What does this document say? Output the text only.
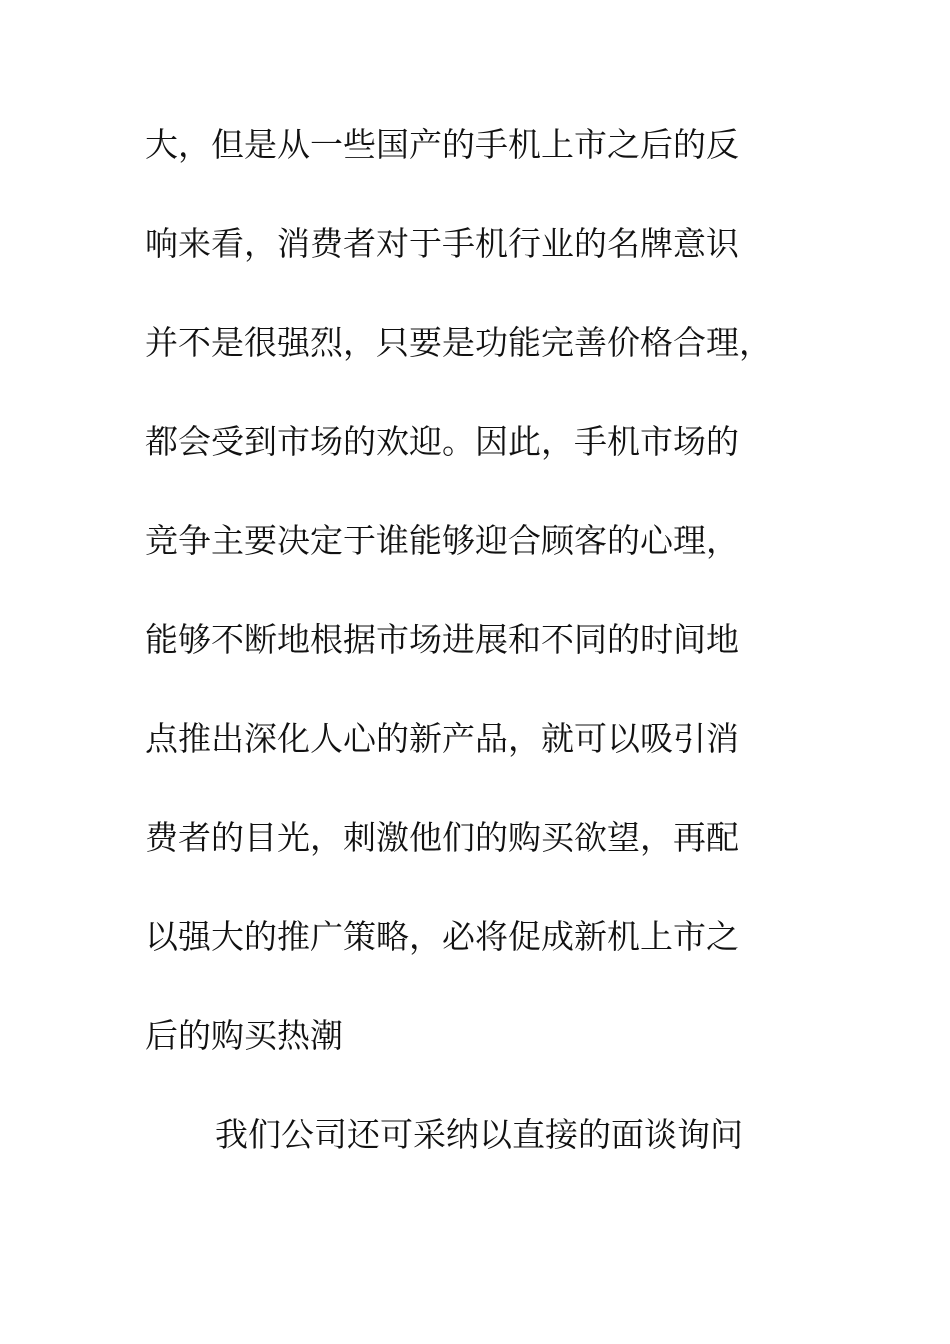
大，但是从一些国产的手机上市之后的反
响来看，消费者对于手机行业的名牌意识
并不是很强烈，只要是功能完善价格合理，
都会受到市场的欢迎。因此，手机市场的
竞争主要决定于谁能够迎合顾客的心理，
能够不断地根据市场进展和不同的时间地
点推出深化人心的新产品，就可以吸引消
费者的目光，刺激他们的购买欲望，再配
以强大的推广策略，必将促成新机上市之
后的购买热潮
我们公司还可采纳以直接的面谈询问
